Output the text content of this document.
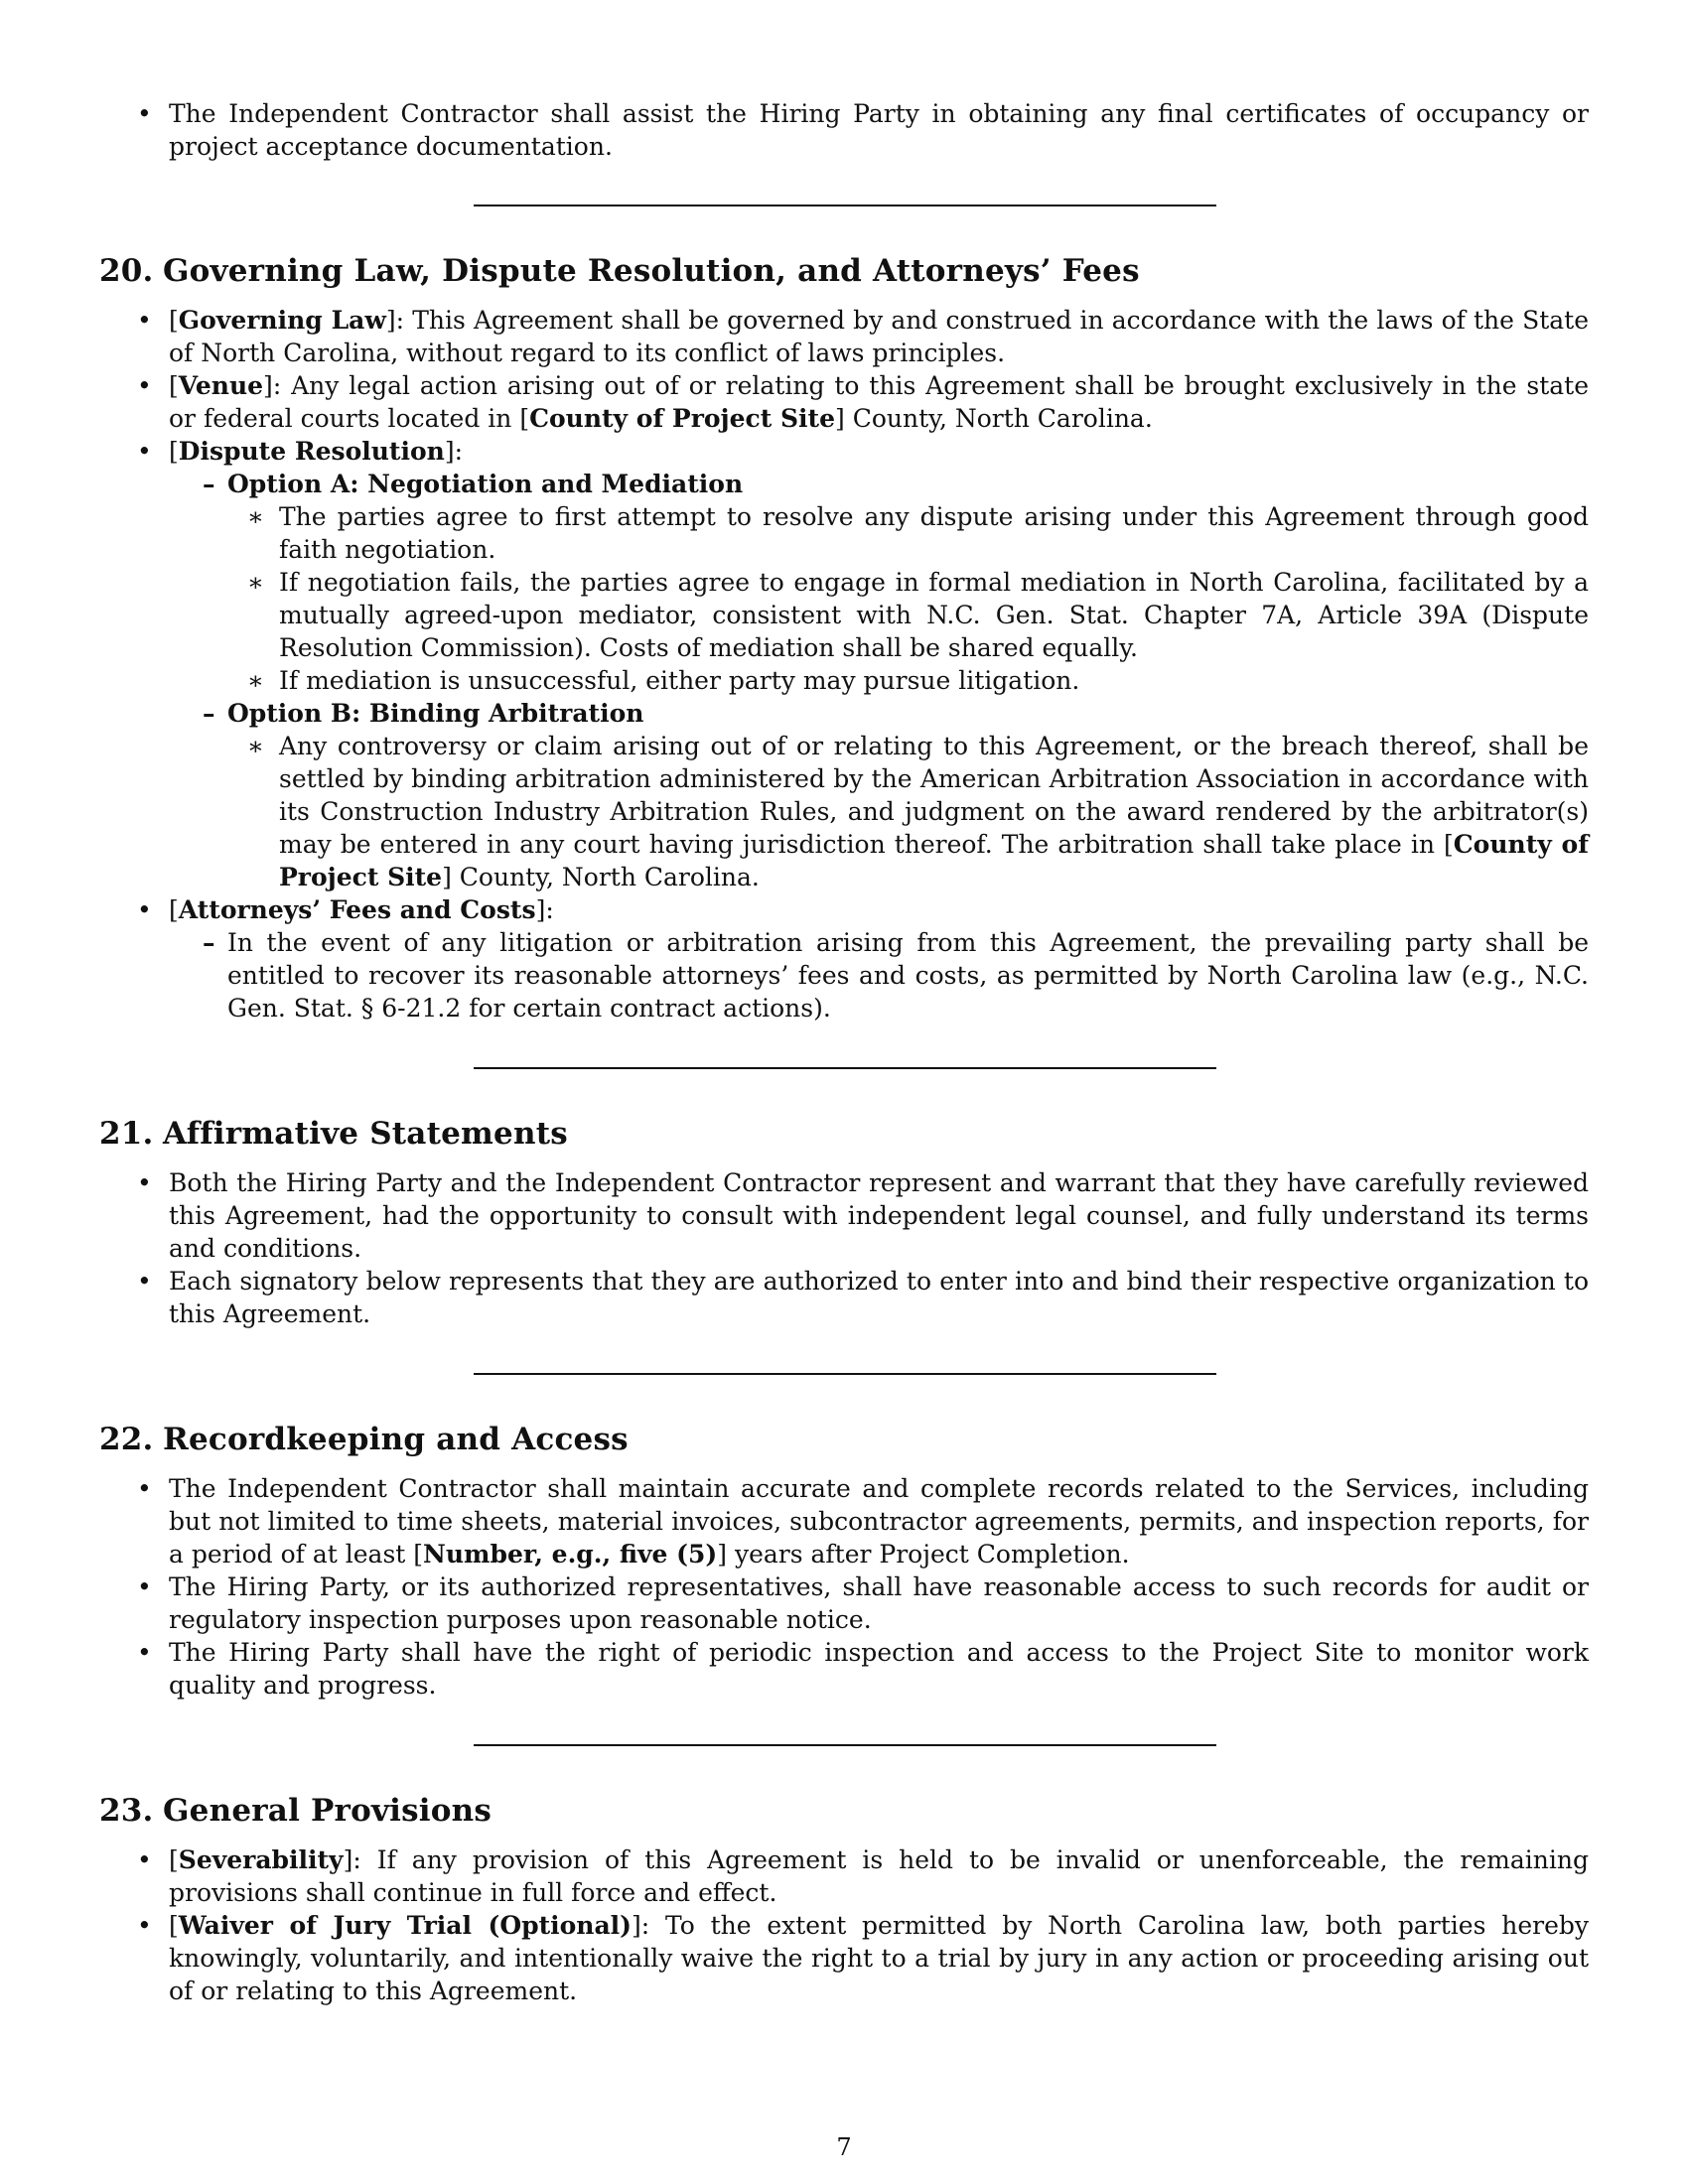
• The Independent Contractor shall assist the Hiring Party in obtaining any final certificates of occupancy or project acceptance documentation.
20. Governing Law, Dispute Resolution, and Attorneys’ Fees
• [Governing Law]: This Agreement shall be governed by and construed in accordance with the laws of the State of North Carolina, without regard to its conflict of laws principles.
• [Venue]: Any legal action arising out of or relating to this Agreement shall be brought exclusively in the state or federal courts located in [County of Project Site] County, North Carolina.
• [Dispute Resolution]:
– Option A: Negotiation and Mediation
∗ The parties agree to first attempt to resolve any dispute arising under this Agreement through good faith negotiation.
∗ If negotiation fails, the parties agree to engage in formal mediation in North Carolina, facilitated by a mutually agreed-upon mediator, consistent with N.C. Gen. Stat. Chapter 7A, Article 39A (Dispute Resolution Commission). Costs of mediation shall be shared equally.
∗ If mediation is unsuccessful, either party may pursue litigation.
– Option B: Binding Arbitration
∗ Any controversy or claim arising out of or relating to this Agreement, or the breach thereof, shall be settled by binding arbitration administered by the American Arbitration Association in accordance with its Construction Industry Arbitration Rules, and judgment on the award rendered by the arbitrator(s) may be entered in any court having jurisdiction thereof. The arbitration shall take place in [County of Project Site] County, North Carolina.
• [Attorneys’ Fees and Costs]:
– In the event of any litigation or arbitration arising from this Agreement, the prevailing party shall be entitled to recover its reasonable attorneys’ fees and costs, as permitted by North Carolina law (e.g., N.C. Gen. Stat. § 6-21.2 for certain contract actions).
21. Affirmative Statements
• Both the Hiring Party and the Independent Contractor represent and warrant that they have carefully reviewed this Agreement, had the opportunity to consult with independent legal counsel, and fully understand its terms and conditions.
• Each signatory below represents that they are authorized to enter into and bind their respective organization to this Agreement.
22. Recordkeeping and Access
• The Independent Contractor shall maintain accurate and complete records related to the Services, including but not limited to time sheets, material invoices, subcontractor agreements, permits, and inspection reports, for a period of at least [Number, e.g., five (5)] years after Project Completion.
• The Hiring Party, or its authorized representatives, shall have reasonable access to such records for audit or regulatory inspection purposes upon reasonable notice.
• The Hiring Party shall have the right of periodic inspection and access to the Project Site to monitor work quality and progress.
23. General Provisions
• [Severability]: If any provision of this Agreement is held to be invalid or unenforceable, the remaining provisions shall continue in full force and effect.
• [Waiver of Jury Trial (Optional)]: To the extent permitted by North Carolina law, both parties hereby knowingly, voluntarily, and intentionally waive the right to a trial by jury in any action or proceeding arising out of or relating to this Agreement.
7
